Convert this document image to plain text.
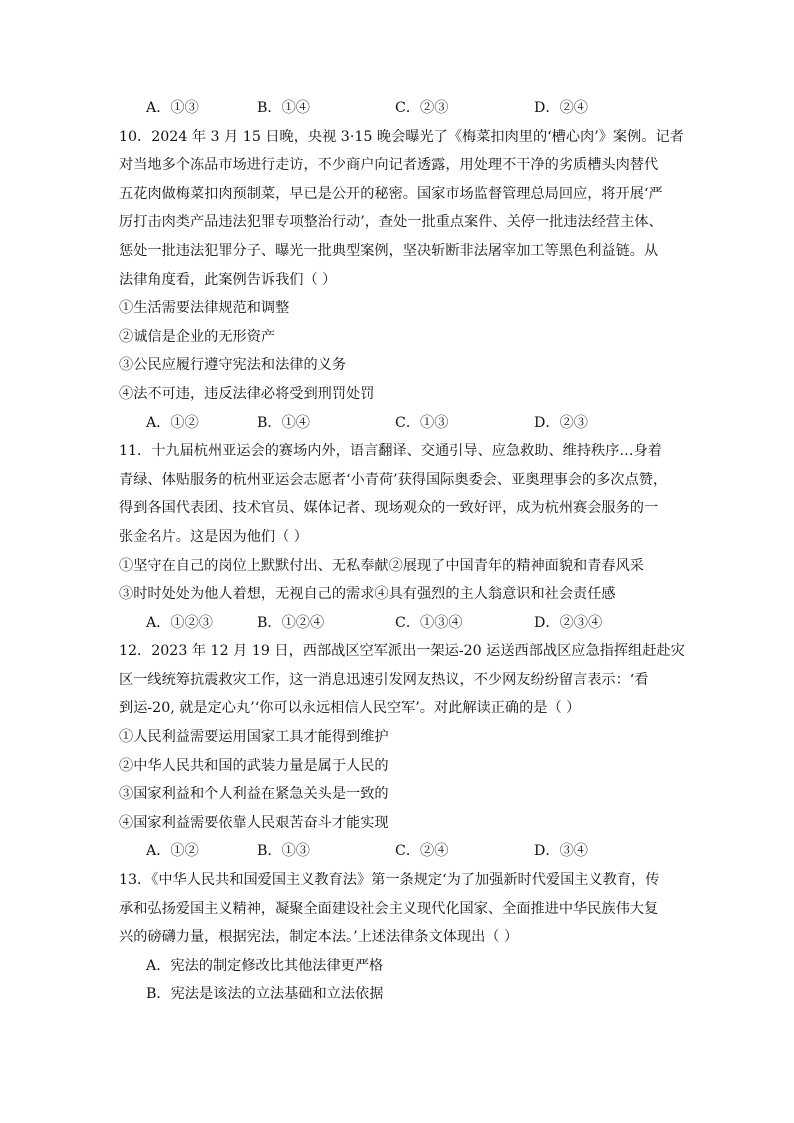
A．①③	B．①④	C．②③	D．②④
10．2024 年 3 月 15 日晚，央视 3·15 晚会曝光了《梅菜扣肉里的‘槽心肉’》案例。记者
对当地多个冻品市场进行走访，不少商户向记者透露，用处理不干净的劣质槽头肉替代
五花肉做梅菜扣肉预制菜，早已是公开的秘密。国家市场监督管理总局回应，将开展‘严
厉打击肉类产品违法犯罪专项整治行动’，查处一批重点案件、关停一批违法经营主体、
惩处一批违法犯罪分子、曝光一批典型案例，坚决斩断非法屠宰加工等黑色利益链。从
法律角度看，此案例告诉我们（ ）
①生活需要法律规范和调整
②诚信是企业的无形资产
③公民应履行遵守宪法和法律的义务
④法不可违，违反法律必将受到刑罚处罚
A．①②	B．①④	C．①③	D．②③
11．十九届杭州亚运会的赛场内外，语言翻译、交通引导、应急救助、维持秩序…身着
青绿、体贴服务的杭州亚运会志愿者‘小青荷’获得国际奥委会、亚奥理事会的多次点赞，
得到各国代表团、技术官员、媒体记者、现场观众的一致好评，成为杭州赛会服务的一
张金名片。这是因为他们（ ）
①坚守在自己的岗位上默默付出、无私奉献②展现了中国青年的精神面貌和青春风采
③时时处处为他人着想，无视自己的需求④具有强烈的主人翁意识和社会责任感
A．①②③	B．①②④	C．①③④	D．②③④
12．2023 年 12 月 19 日，西部战区空军派出一架运-20 运送西部战区应急指挥组赶赴灾
区一线统筹抗震救灾工作，这一消息迅速引发网友热议，不少网友纷纷留言表示：‘看
到运-20, 就是定心丸’‘你可以永远相信人民空军’。对此解读正确的是（ ）
①人民利益需要运用国家工具才能得到维护
②中华人民共和国的武装力量是属于人民的
③国家利益和个人利益在紧急关头是一致的
④国家利益需要依靠人民艰苦奋斗才能实现
A．①②	B．①③	C．②④	D．③④
13．《中华人民共和国爱国主义教育法》第一条规定‘为了加强新时代爱国主义教育，传
承和弘扬爱国主义精神，凝聚全面建设社会主义现代化国家、全面推进中华民族伟大复
兴的磅礴力量，根据宪法，制定本法。’上述法律条文体现出（ ）
A．宪法的制定修改比其他法律更严格
B．宪法是该法的立法基础和立法依据
